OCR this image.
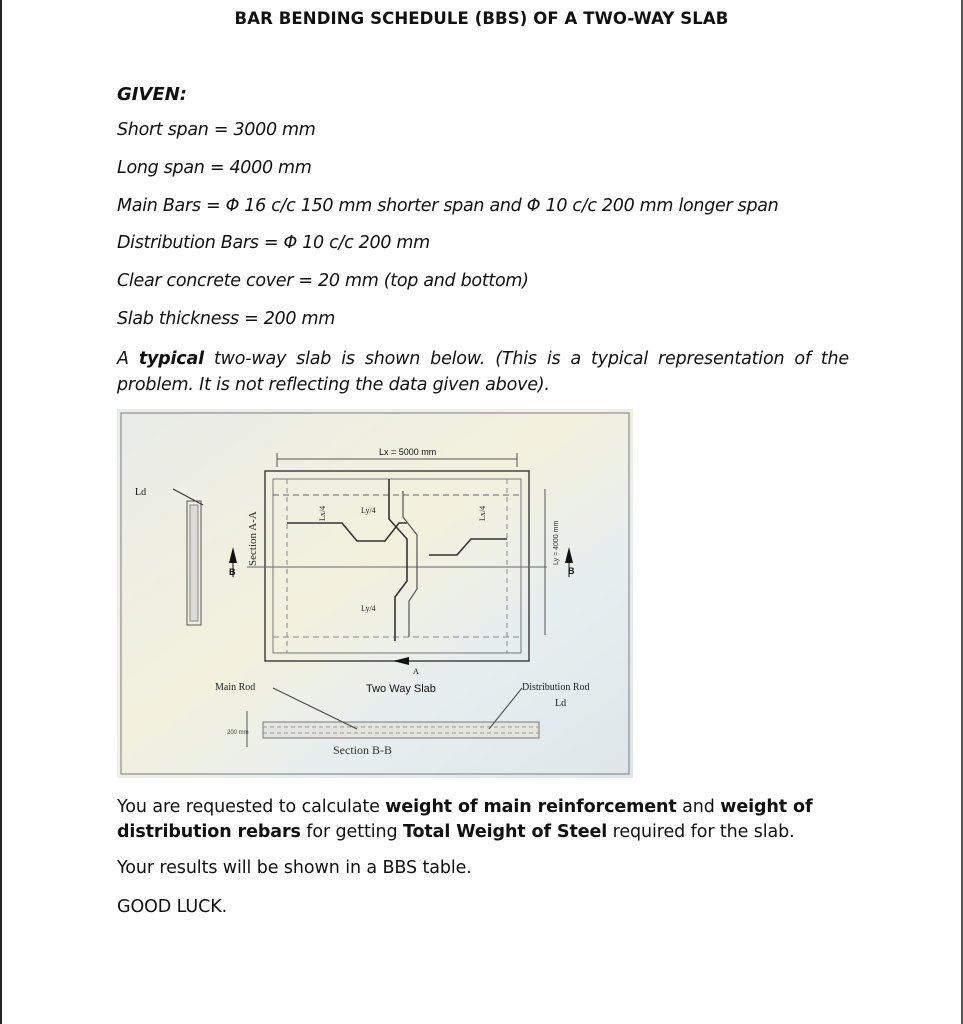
BAR BENDING SCHEDULE (BBS) OF A TWO-WAY SLAB
GIVEN:
Short span = 3000 mm
Long span = 4000 mm
Main Bars = Φ 16 c/c 150 mm shorter span and Φ 10 c/c 200 mm longer span
Distribution Bars = Φ 10 c/c 200 mm
Clear concrete cover = 20 mm (top and bottom)
Slab thickness = 200 mm
A typical two-way slab is shown below. (This is a typical representation of the problem. It is not reflecting the data given above).
Lx = 5000 mm
Lx/4	Lx/4
Ly/4
Ly/4
Ly = 4000 mm
B	B
A
Ld
Section A-A
200 mm
Section B-B
Main Rod	Two Way Slab	Distribution Rod
Ld
You are requested to calculate weight of main reinforcement and weight of distribution rebars for getting Total Weight of Steel required for the slab.
Your results will be shown in a BBS table.
GOOD LUCK.
